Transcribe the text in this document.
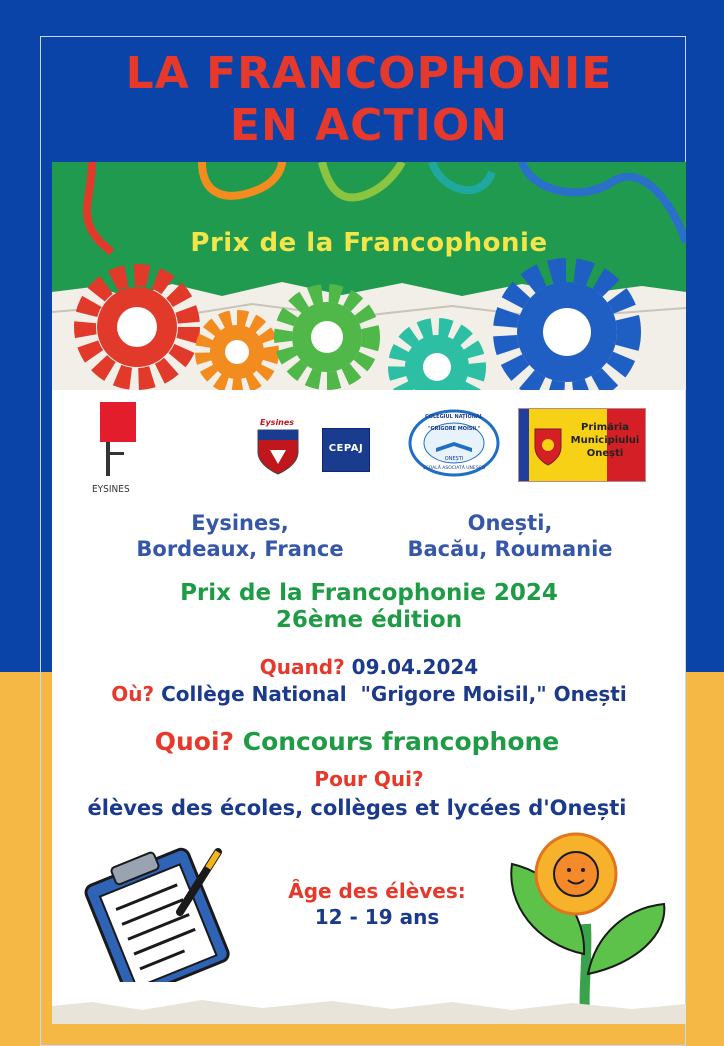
LA FRANCOPHONIE
EN ACTION
Prix de la Francophonie
EYSINES
Eysines
CEPAJ
COLEGIUL NAȚIONAL
"GRIGORE MOISIL"
ONEȘTI
ȘCOALĂ ASOCIATĂ UNESCO
Primăria
Municipiului
Onești
Eysines,
Bordeaux, France
Onești,
Bacău, Roumanie
Prix de la Francophonie 2024
26ème édition
Quand? 09.04.2024
Où? Collège National  "Grigore Moisil," Onești
Quoi? Concours francophone
Pour Qui?
élèves des écoles, collèges et lycées d'Onești
Âge des élèves:
12 - 19 ans
